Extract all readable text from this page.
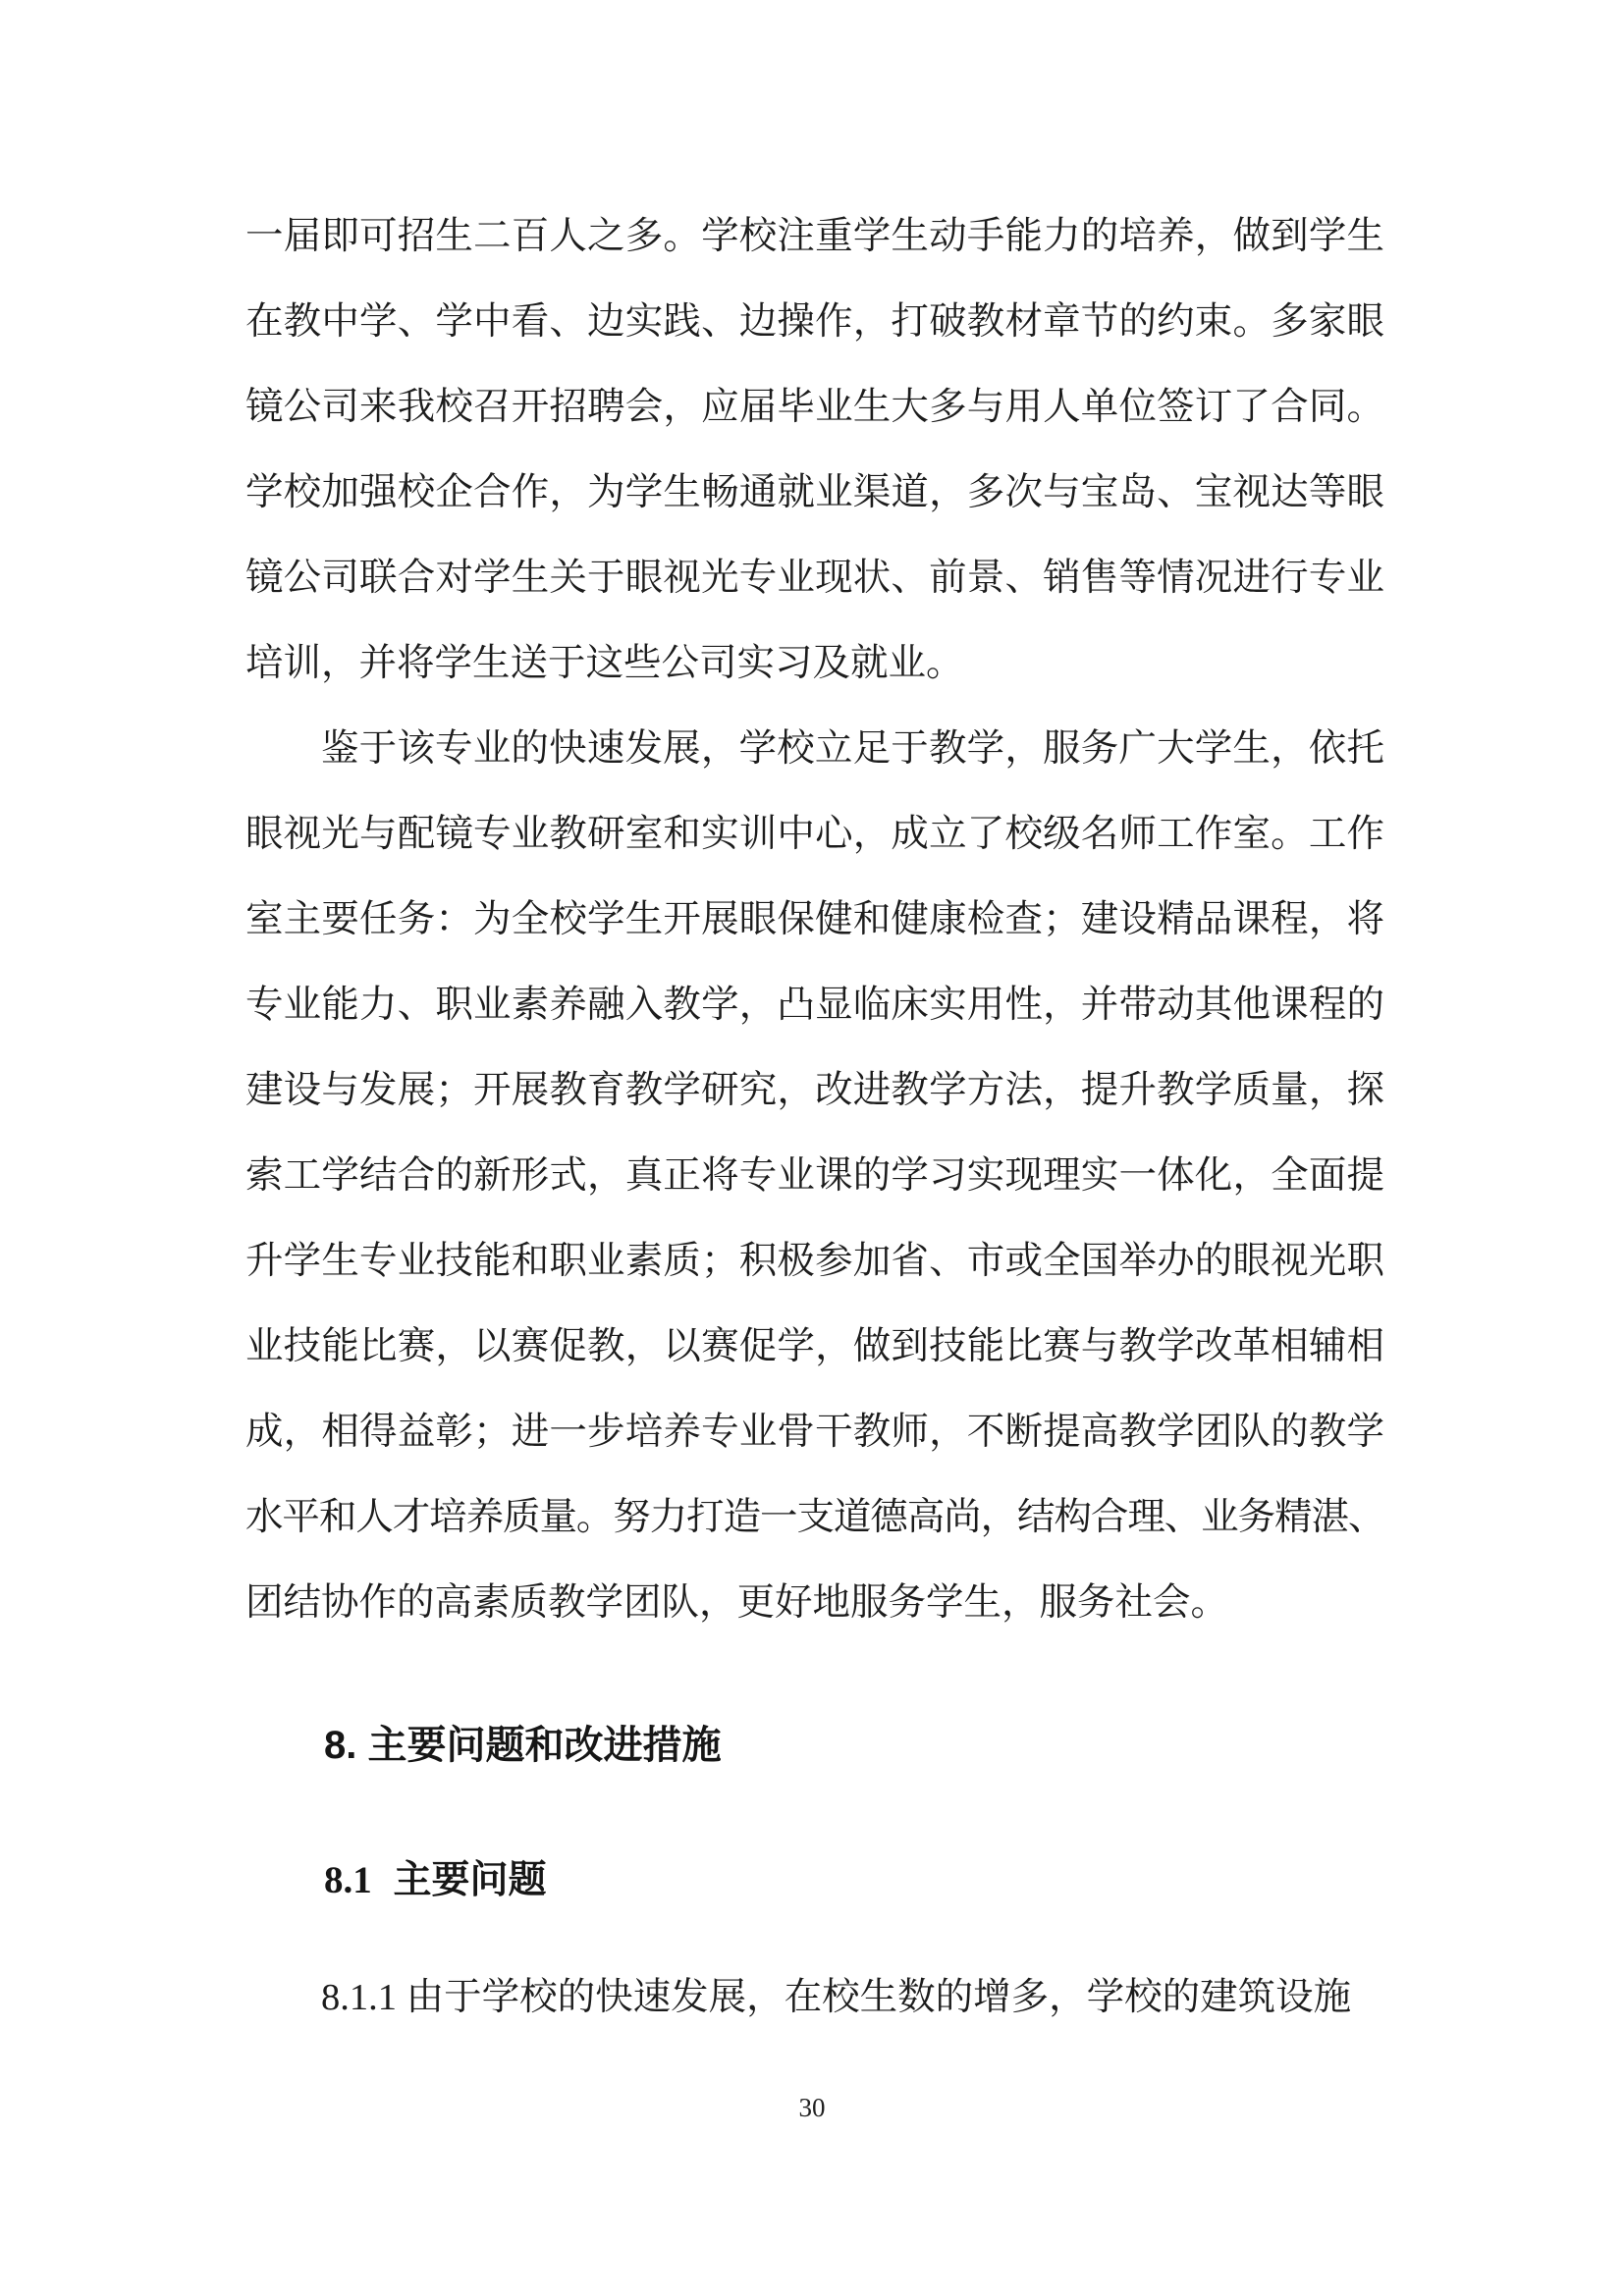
一届即可招生二百人之多。学校注重学生动手能力的培养，做到学生
在教中学、学中看、边实践、边操作，打破教材章节的约束。多家眼
镜公司来我校召开招聘会，应届毕业生大多与用人单位签订了合同。
学校加强校企合作，为学生畅通就业渠道，多次与宝岛、宝视达等眼
镜公司联合对学生关于眼视光专业现状、前景、销售等情况进行专业
培训，并将学生送于这些公司实习及就业。
鉴于该专业的快速发展，学校立足于教学，服务广大学生，依托
眼视光与配镜专业教研室和实训中心，成立了校级名师工作室。工作
室主要任务：为全校学生开展眼保健和健康检查；建设精品课程，将
专业能力、职业素养融入教学，凸显临床实用性，并带动其他课程的
建设与发展；开展教育教学研究，改进教学方法，提升教学质量，探
索工学结合的新形式，真正将专业课的学习实现理实一体化，全面提
升学生专业技能和职业素质；积极参加省、市或全国举办的眼视光职
业技能比赛，以赛促教，以赛促学，做到技能比赛与教学改革相辅相
成，相得益彰；进一步培养专业骨干教师，不断提高教学团队的教学
水平和人才培养质量。努力打造一支道德高尚，结构合理、业务精湛、
团结协作的高素质教学团队，更好地服务学生，服务社会。
8. 主要问题和改进措施
8.1 主要问题
8.1.1 由于学校的快速发展，在校生数的增多，学校的建筑设施
30
